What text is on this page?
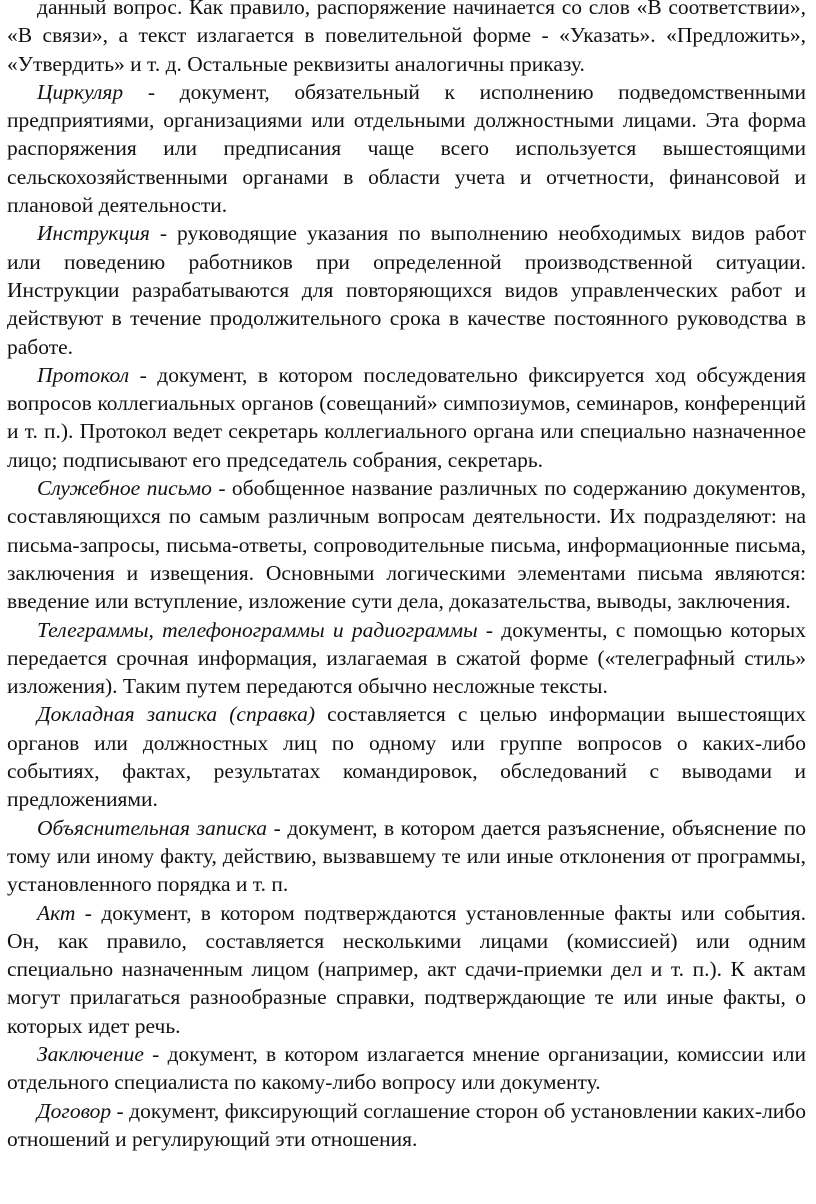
данный вопрос. Как правило, распоряжение начинается со слов «В соответствии», «В связи», а текст излагается в повелительной форме - «Указать». «Предложить», «Утвердить» и т. д. Остальные реквизиты аналогичны приказу.

Циркуляр - документ, обязательный к исполнению подведомственными предприятиями, организациями или отдельными должностными лицами. Эта форма распоряжения или предписания чаще всего используется вышестоящими сельскохозяйственными органами в области учета и отчетности, финансовой и плановой деятельности.

Инструкция - руководящие указания по выполнению необходимых видов работ или поведению работников при определенной производственной ситуации. Инструкции разрабатываются для повторяющихся видов управленческих работ и действуют в течение продолжительного срока в качестве постоянного руководства в работе.

Протокол - документ, в котором последовательно фиксируется ход обсуждения вопросов коллегиальных органов (совещаний» симпозиумов, семинаров, конференций и т. п.). Протокол ведет секретарь коллегиального органа или специально назначенное лицо; подписывают его председатель собрания, секретарь.

Служебное письмо - обобщенное название различных по содержанию документов, составляющихся по самым различным вопросам деятельности. Их подразделяют: на письма-запросы, письма-ответы, сопроводительные письма, информационные письма, заключения и извещения. Основными логическими элементами письма являются: введение или вступление, изложение сути дела, доказательства, выводы, заключения.

Телеграммы, телефонограммы и радиограммы - документы, с помощью которых передается срочная информация, излагаемая в сжатой форме («телеграфный стиль» изложения). Таким путем передаются обычно несложные тексты.

Докладная записка (справка) составляется с целью информации вышестоящих органов или должностных лиц по одному или группе вопросов о каких-либо событиях, фактах, результатах командировок, обследований с выводами и предложениями.

Объяснительная записка - документ, в котором дается разъяснение, объяснение по тому или иному факту, действию, вызвавшему те или иные отклонения от программы, установленного порядка и т. п.

Акт - документ, в котором подтверждаются установленные факты или события. Он, как правило, составляется несколькими лицами (комиссией) или одним специально назначенным лицом (например, акт сдачи-приемки дел и т. п.). К актам могут прилагаться разнообразные справки, подтверждающие те или иные факты, о которых идет речь.

Заключение - документ, в котором излагается мнение организации, комиссии или отдельного специалиста по какому-либо вопросу или документу.

Договор - документ, фиксирующий соглашение сторон об установлении каких-либо отношений и регулирующий эти отношения.
